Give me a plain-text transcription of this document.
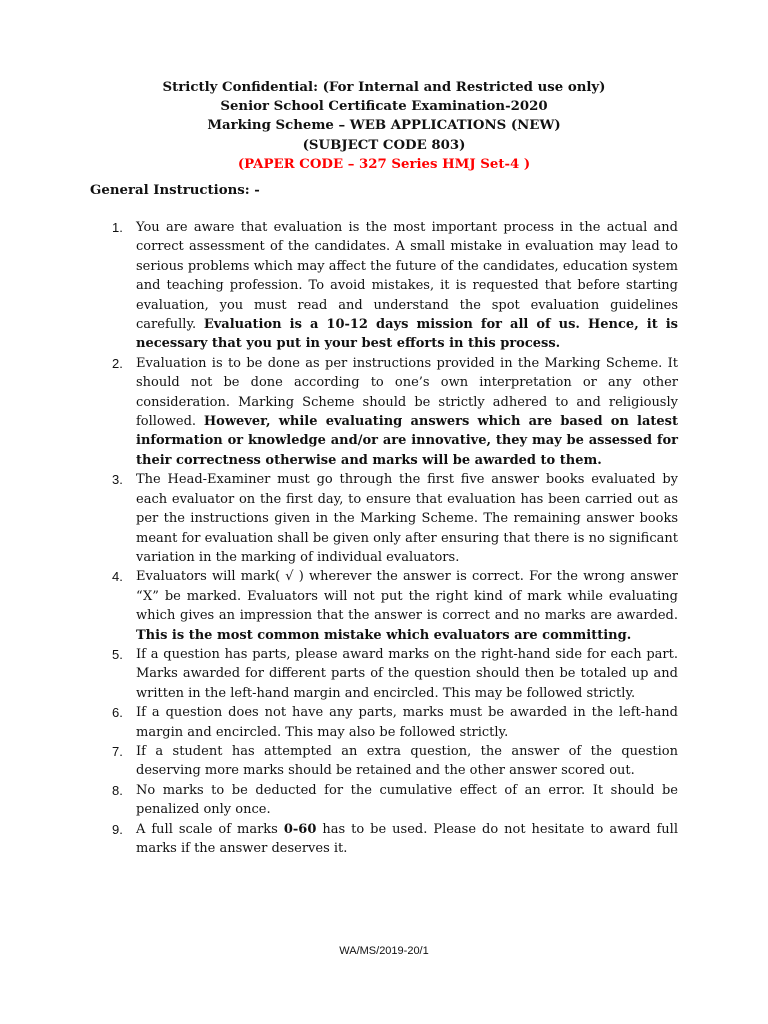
Strictly Confidential: (For Internal and Restricted use only)
Senior School Certificate Examination-2020
Marking Scheme – WEB APPLICATIONS (NEW)
(SUBJECT CODE 803)
(PAPER CODE – 327 Series HMJ Set-4 )
General Instructions: -
1. You are aware that evaluation is the most important process in the actual and correct assessment of the candidates. A small mistake in evaluation may lead to serious problems which may affect the future of the candidates, education system and teaching profession. To avoid mistakes, it is requested that before starting evaluation, you must read and understand the spot evaluation guidelines carefully. Evaluation is a 10-12 days mission for all of us. Hence, it is necessary that you put in your best efforts in this process.
2. Evaluation is to be done as per instructions provided in the Marking Scheme. It should not be done according to one’s own interpretation or any other consideration. Marking Scheme should be strictly adhered to and religiously followed. However, while evaluating answers which are based on latest information or knowledge and/or are innovative, they may be assessed for their correctness otherwise and marks will be awarded to them.
3. The Head-Examiner must go through the first five answer books evaluated by each evaluator on the first day, to ensure that evaluation has been carried out as per the instructions given in the Marking Scheme. The remaining answer books meant for evaluation shall be given only after ensuring that there is no significant variation in the marking of individual evaluators.
4. Evaluators will mark( √ ) wherever the answer is correct. For the wrong answer “X” be marked. Evaluators will not put the right kind of mark while evaluating which gives an impression that the answer is correct and no marks are awarded. This is the most common mistake which evaluators are committing.
5. If a question has parts, please award marks on the right-hand side for each part. Marks awarded for different parts of the question should then be totaled up and written in the left-hand margin and encircled. This may be followed strictly.
6. If a question does not have any parts, marks must be awarded in the left-hand margin and encircled. This may also be followed strictly.
7. If a student has attempted an extra question, the answer of the question deserving more marks should be retained and the other answer scored out.
8. No marks to be deducted for the cumulative effect of an error. It should be penalized only once.
9. A full scale of marks 0-60 has to be used. Please do not hesitate to award full marks if the answer deserves it.
WA/MS/2019-20/1
